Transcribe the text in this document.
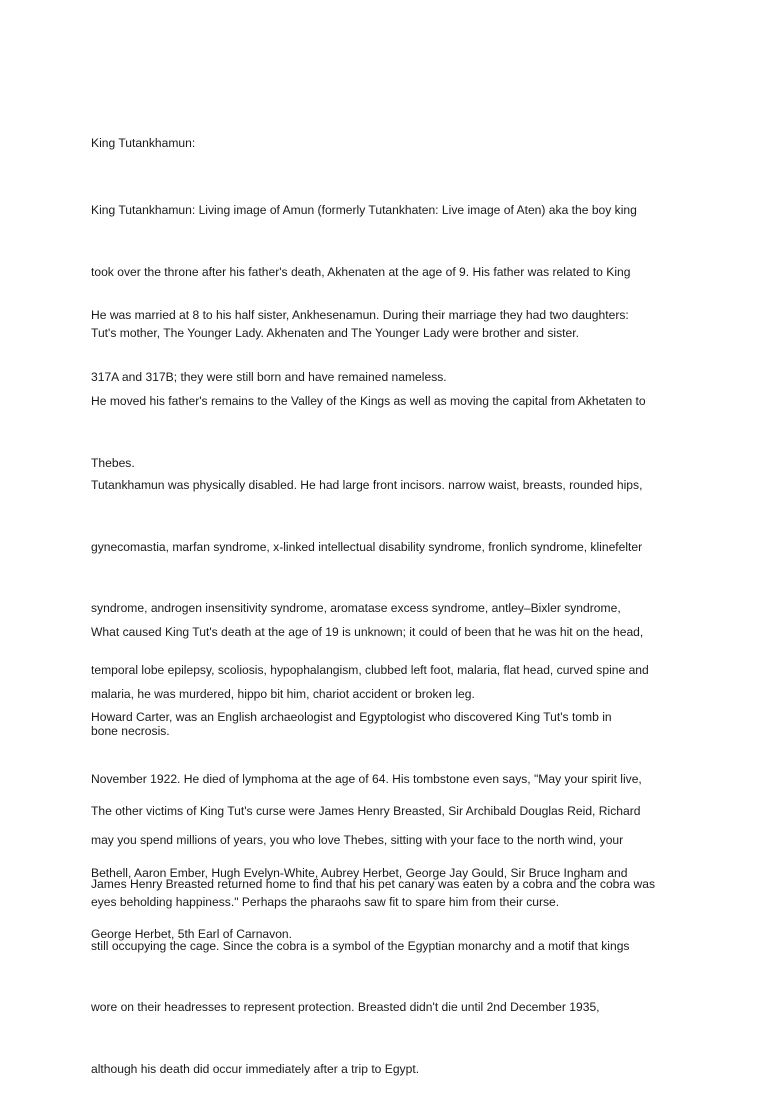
King Tutankhamun:

King Tutankhamun: Living image of Amun (formerly Tutankhaten: Live image of Aten) aka the boy king

took over the throne after his father's death, Akhenaten at the age of 9. His father was related to King

Tut's mother, The Younger Lady. Akhenaten and The Younger Lady were brother and sister.

He was married at 8 to his half sister, Ankhesenamun. During their marriage they had two daughters:

317A and 317B; they were still born and have remained nameless.

He moved his father's remains to the Valley of the Kings as well as moving the capital from Akhetaten to

Thebes.

Tutankhamun was physically disabled. He had large front incisors. narrow waist, breasts, rounded hips,

gynecomastia, marfan syndrome, x-linked intellectual disability syndrome, fronlich syndrome, klinefelter

syndrome, androgen insensitivity syndrome, aromatase excess syndrome, antley–Bixler syndrome,

temporal lobe epilepsy, scoliosis, hypophalangism, clubbed left foot, malaria, flat head, curved spine and

bone necrosis.

What caused King Tut's death at the age of 19 is unknown; it could of been that he was hit on the head,

malaria, he was murdered, hippo bit him, chariot accident or broken leg.

Howard Carter, was an English archaeologist and Egyptologist who discovered King Tut's tomb in

November 1922. He died of lymphoma at the age of 64. His tombstone even says, "May your spirit live,

may you spend millions of years, you who love Thebes, sitting with your face to the north wind, your

eyes beholding happiness." Perhaps the pharaohs saw fit to spare him from their curse.

The other victims of King Tut's curse were James Henry Breasted, Sir Archibald Douglas Reid, Richard

Bethell, Aaron Ember, Hugh Evelyn-White, Aubrey Herbet, George Jay Gould, Sir Bruce Ingham and

George Herbet, 5th Earl of Carnavon.

James Henry Breasted returned home to find that his pet canary was eaten by a cobra and the cobra was

still occupying the cage. Since the cobra is a symbol of the Egyptian monarchy and a motif that kings

wore on their headresses to represent protection. Breasted didn't die until 2nd December 1935,

although his death did occur immediately after a trip to Egypt.
